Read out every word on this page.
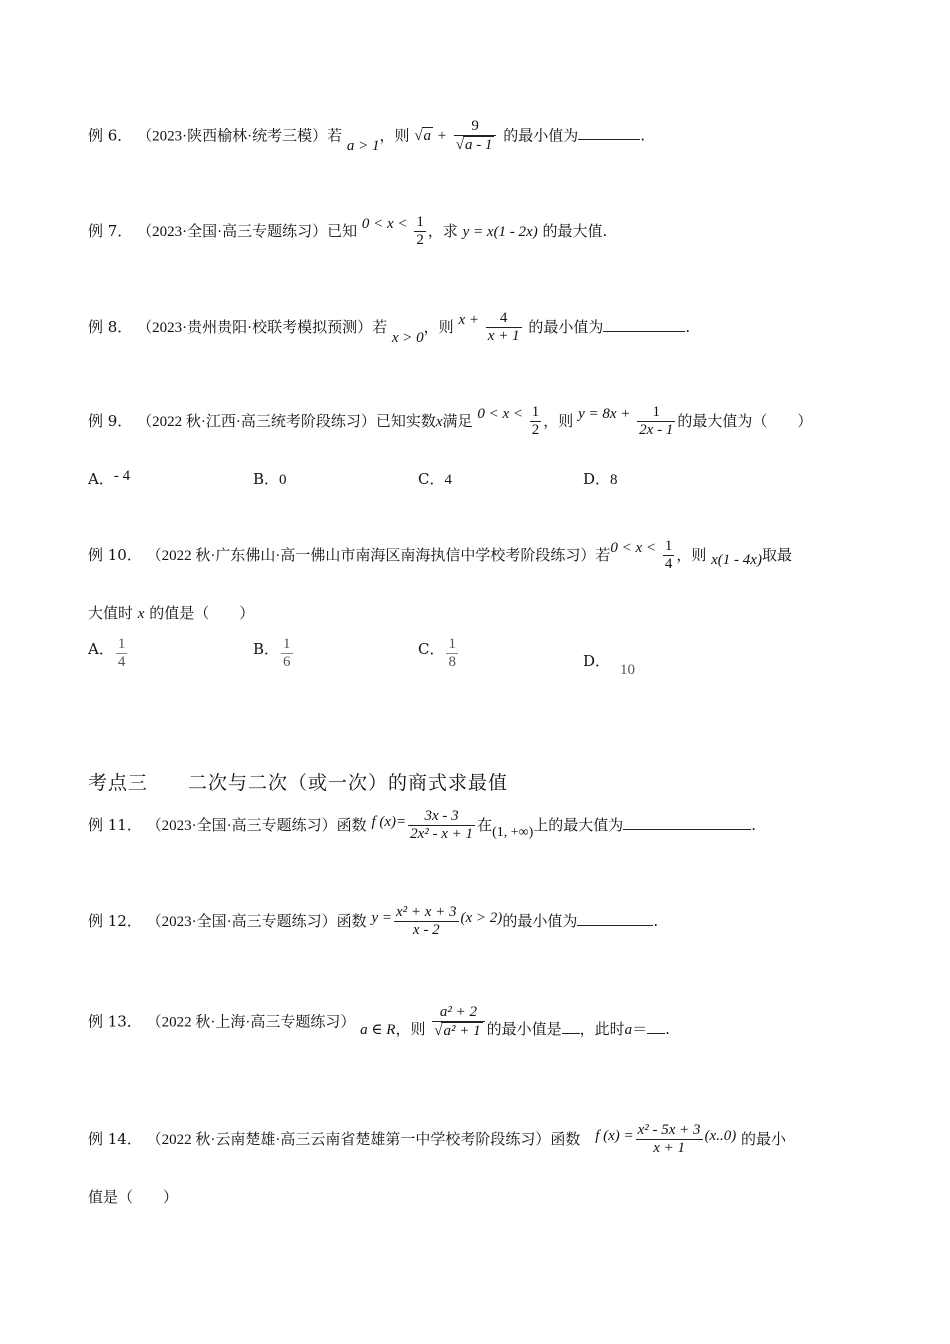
例 6． （2023·陕西榆林·统考三模）若 a > 1，则 $√a + \frac{9}{√a - 1}$ 的最小值为	.
例 7． （2023·全国·高三专题练习）已知 $0 < x < \frac{1}{2}$ ，求 y = x(1 - 2x) 的最大值.
例 8． （2023·贵州贵阳·校联考模拟预测）若 x > 0，则 $x + \frac{4}{x + 1}$ 的最小值为	.
例 9． （2022 秋·江西·高三统考阶段练习）已知实数x满足 $0 < x < \frac{1}{2}$ ，则 $y = 8x + \frac{1}{2x - 1}$ 的最大值为（　　）
A．- 4	B．0	C．4	D．8
例 10． （2022 秋·广东佛山·高一佛山市南海区南海执信中学校考阶段练习）若$0 < x < \frac{1}{4}$ ，则 x(1 - 4x)取最
大值时 x 的值是（　　）
A． $\frac{1}{4}$	B． $\frac{1}{6}$	C． $\frac{1}{8}$	D． 10
考点三　　二次与二次（或一次）的商式求最值
例 11． （2023·全国·高三专题练习）函数 f $(x)= \frac{3x - 3}{\text{2x² - x + 1}}$ 在(1, +∞)上的最大值为	.
例 12． （2023·全国·高三专题练习）函数 $y = \frac{\text{x² + x + 3}}{x - 2} (x > 2)$的最小值为	.
例 13． （2022 秋·上海·高三专题练习） a ∈ R，则 $\frac{\text{a² + 2}}{\text{√a² + 1}}$ 的最小值是 ，此时a＝ .
例 14． （2022 秋·云南楚雄·高三云南省楚雄第一中学校考阶段练习）函数 f $(x) = \frac{\text{x² - 5x + 3}}{x + 1} (x..0)$ 的最小
值是（　　）
